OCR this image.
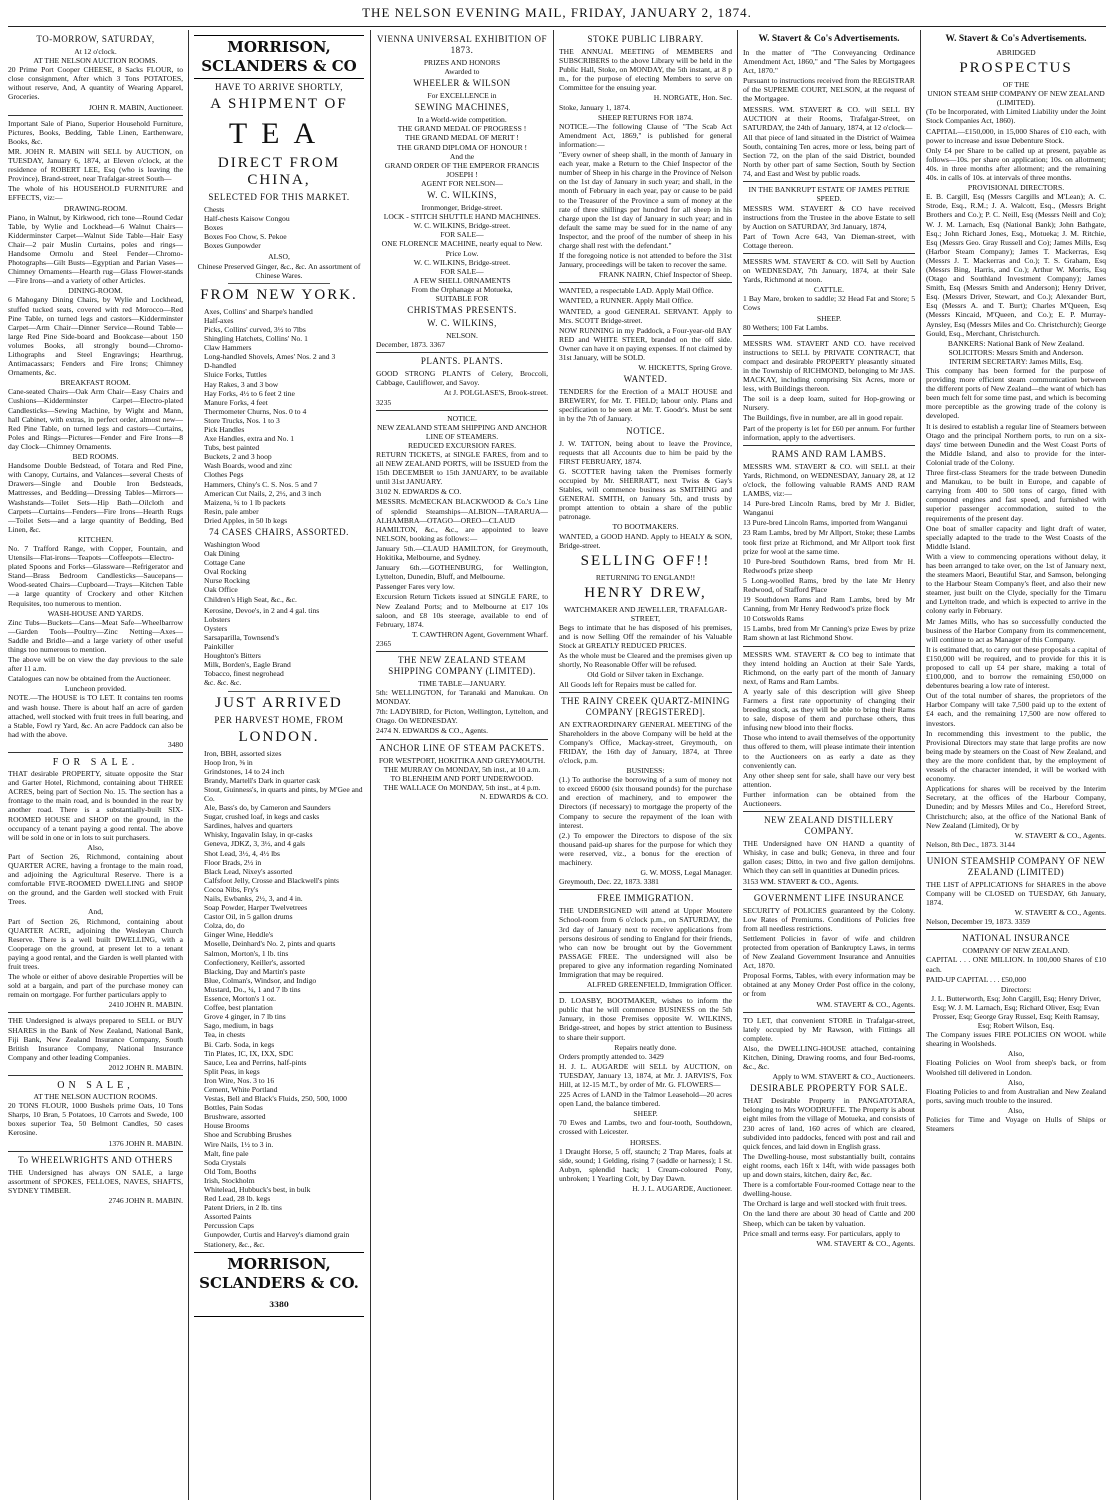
THE NELSON EVENING MAIL, FRIDAY, JANUARY 2, 1874.
TO-MORROW, SATURDAY,
At 12 o'clock.
AT THE NELSON AUCTION ROOMS.
20 Prime Port Cooper CHEESE, 8 Sacks FLOUR, to close consignment, After which 3 Tons POTATOES, without reserve, And, A quantity of Wearing Apparel, Groceries.
JOHN R. MABIN, Auctioneer.
Important Sale of Piano, Superior Household Furniture, Pictures, Books, Bedding, Table Linen, Earthenware, Books, &c.
MR. JOHN R. MABIN will SELL by AUCTION, on TUESDAY, January 6, 1874, at Eleven o'clock, at the residence of ROBERT LEE, Esq (who is leaving the Province), Brand-street, near Trafalgar-street South—
The whole of his HOUSEHOLD FURNITURE and EFFECTS, viz:—
DRAWING-ROOM.
Piano, in Walnut, by Kirkwood, rich tone—Round Cedar Table, by Wylie and Lockhead—6 Walnut Chairs—Kidderminster Carpet—Walnut Side Table—Hair Easy Chair—2 pair Muslin Curtains, poles and rings—Handsome Ormolu and Steel Fender—Chromo-Photographs—Gilt Busts—Egyptian and Parian Vases—Chimney Ornaments—Hearth rug—Glass Flower-stands—Fire Irons—and a variety of other Articles.
DINING-ROOM.
6 Mahogany Dining Chairs, by Wylie and Lockhead, stuffed tucked seats, covered with red Morocco—Red Pine Table, on turned legs and castors—Kidderminster Carpet—Arm Chair—Dinner Service—Round Table—large Red Pine Side-board and Bookcase—about 150 volumes Books, all strongly bound—Chromo-Lithographs and Steel Engravings; Hearthrug, Antimacassars; Fenders and Fire Irons; Chimney Ornaments, &c.
BREAKFAST ROOM.
Cane-seated Chairs—Oak Arm Chair—Easy Chairs and Cushions—Kidderminster Carpet—Electro-plated Candlesticks—Sewing Machine, by Wight and Mann, hall Cabinet, with extras, in perfect order, almost new—Red Pine Table, on turned legs and castors—Curtains, Poles and Rings—Pictures—Fender and Fire Irons—8 day Clock—Chimney Ornaments.
BED ROOMS.
Handsome Double Bedstead, of Totara and Red Pine, with Canopy, Curtains, and Valances—several Chests of Drawers—Single and Double Iron Bedsteads, Mattresses, and Bedding—Dressing Tables—Mirrors—Washstands—Toilet Sets—Hip Bath—Oilcloth and Carpets—Curtains—Fenders—Fire Irons—Hearth Rugs—Toilet Sets—and a large quantity of Bedding, Bed Linen, &c.
KITCHEN.
No. 7 Trafford Range, with Copper, Fountain, and Utensils—Flat-irons—Teapots—Coffeepots—Electro-plated Spoons and Forks—Glassware—Refrigerator and Stand—Brass Bedroom Candlesticks—Saucepans—Wood-seated Chairs—Cupboard—Trays—Kitchen Table—a large quantity of Crockery and other Kitchen Requisites, too numerous to mention.
WASH-HOUSE AND YARDS.
Zinc Tubs—Buckets—Cans—Meat Safe—Wheelbarrow—Garden Tools—Poultry—Zinc Netting—Axes—Saddle and Bridle—and a large variety of other useful things too numerous to mention.
The above will be on view the day previous to the sale after 11 a.m.
Catalogues can now be obtained from the Auctioneer.
Luncheon provided.
NOTE.—The HOUSE is TO LET. It contains ten rooms and wash house. There is about half an acre of garden attached, well stocked with fruit trees in full bearing, and a Stable, Fowl ry Yard, &c. An acre Paddock can also be had with the above.
3480
FOR SALE.
THAT desirable PROPERTY, situate opposite the Star and Garter Hotel, Richmond, containing about THREE ACRES, being part of Section No. 15. The section has a frontage to the main road, and is bounded in the rear by another road. There is a substantially-built SIX-ROOMED HOUSE and SHOP on the ground, in the occupancy of a tenant paying a good rental. The above will be sold in one or in lots to suit purchasers.
Also,
Part of Section 26, Richmond, containing about QUARTER ACRE, having a frontage to the main road, and adjoining the Agricultural Reserve. There is a comfortable FIVE-ROOMED DWELLING and SHOP on the ground, and the Garden well stocked with Fruit Trees.
And,
Part of Section 26, Richmond, containing about QUARTER ACRE, adjoining the Wesleyan Church Reserve. There is a well built DWELLING, with a Cooperage on the ground, at present let to a tenant paying a good rental, and the Garden is well planted with fruit trees.
The whole or either of above desirable Properties will be sold at a bargain, and part of the purchase money can remain on mortgage. For further particulars apply to
2410 JOHN R. MABIN.
THE Undersigned is always prepared to SELL or BUY SHARES in the Bank of New Zealand, National Bank, Fiji Bank, New Zealand Insurance Company, South British Insurance Company, National Insurance Company and other leading Companies.
2012 JOHN R. MABIN.
ON SALE,
AT THE NELSON AUCTION ROOMS.
20 TONS FLOUR, 1000 Bushels prime Oats, 10 Tons Sharps, 10 Bran, 5 Potatoes, 10 Carrots and Swede, 100 boxes superior Tea, 50 Belmont Candles, 50 cases Kerosine.
1376 JOHN R. MABIN.
To WHEELWRIGHTS AND OTHERS
THE Undersigned has always ON SALE, a large assortment of SPOKES, FELLOES, NAVES, SHAFTS, SYDNEY TIMBER.
2746 JOHN R. MABIN.
MORRISON, SCLANDERS & CO
HAVE TO ARRIVE SHORTLY,
A SHIPMENT OF
TEA
DIRECT FROM CHINA,
SELECTED FOR THIS MARKET.
Chests
Half-chests Kaisow Congou
Boxes
Boxes Foo Chow, S. Pekoe
Boxes Gunpowder
ALSO,
Chinese Preserved Ginger, &c., &c. An assortment of Chinese Wares.
FROM NEW YORK.
Axes, Collins' and Sharpe's handled
Half-axes
Picks, Collins' curved, 3½ to 7lbs
Shingling Hatchets, Collins' No. 1
Claw Hammers
Long-handled Shovels, Ames' Nos. 2 and 3
D-handled
Sluice Forks, Tuttles
Hay Rakes, 3 and 3 bow
Hay Forks, 4½ to 6 feet 2 tine
Manure Forks, 4 feet
Thermometer Churns, Nos. 0 to 4
Store Trucks, Nos. 1 to 3
Pick Handles
Axe Handles, extra and No. 1
Tubs, best painted
Buckets, 2 and 3 hoop
Wash Boards, wood and zinc
Clothes Pegs
Hammers, Chiny's C. S. Nos. 5 and 7
American Cut Nails, 2, 2½, and 3 inch
Maizena, ¼ to 1 lb packets
Resin, pale amber
Dried Apples, in 50 lb kegs
74 CASES CHAIRS, ASSORTED.
Washington Wood
Oak Dining
Cottage Cane
Oval Rocking
Nurse Rocking
Oak Office
Children's High Seat, &c., &c.
Kerosine, Devoe's, in 2 and 4 gal. tins
Lobsters
Oysters
Sarsaparilla, Townsend's
Painkiller
Houghton's Bitters
Milk, Borden's, Eagle Brand
Tobacco, finest negrohead
&c. &c. &c.
JUST ARRIVED
PER HARVEST HOME, FROM
LONDON.
Iron, BBH, assorted sizes
Hoop Iron, ⅝ in
Grindstones, 14 to 24 inch
Brandy, Martell's Dark in quarter cask
Stout, Guinness's, in quarts and pints, by M'Gee and Co.
Ale, Bass's do, by Cameron and Saunders
Sugar, crushed loaf, in kegs and casks
Sardines, halves and quarters
Whisky, Ingavalin Islay, in qr-casks
Geneva, JDKZ, 3, 3½, and 4 gals
Shot Lead, 3½, 4, 4½ lbs
Floor Brads, 2½ in
Black Lead, Nixey's assorted
Calfsfoot Jelly, Crosse and Blackwell's pints
Cocoa Nibs, Fry's
Nails, Ewbanks, 2½, 3, and 4 in.
Soap Powder, Harper Twelvetrees
Castor Oil, in 5 gallon drums
Colza, do, do
Ginger Wine, Heddle's
Moselle, Deinhard's No. 2, pints and quarts
Salmon, Morton's, 1 lb. tins
Confectionery, Keiller's, assorted
Blacking, Day and Martin's paste
Blue, Colman's, Windsor, and Indigo
Mustard, Do., ¼, 1 and 7 lb tins
Essence, Morton's 1 oz.
Coffee, best plantation
Grove 4 ginger, in 7 lb tins
Sago, medium, in bags
Tea, in chests
Bi. Carb. Soda, in kegs
Tin Plates, IC, IX, IXX, SDC
Sauce, Lea and Perrins, half-pints
Split Peas, in kegs
Iron Wire, Nos. 3 to 16
Cement, White Portland
Vestas, Bell and Black's Fluids, 250, 500, 1000
Bottles, Pain Sodas
Brushware, assorted
House Brooms
Shoe and Scrubbing Brushes
Wire Nails, 1½ to 3 in.
Malt, fine pale
Soda Crystals
Old Tom, Booths
Irish, Stockholm
Whitelead, Hubbuck's best, in bulk
Red Lead, 28 lb. kegs
Patent Driers, in 2 lb. tins
Assorted Paints
Percussion Caps
Gunpowder, Curtis and Harvey's diamond grain
Stationery, &c., &c.
MORRISON, SCLANDERS & CO. 3380
VIENNA UNIVERSAL EXHIBITION OF 1873.
PRIZES AND HONORS
Awarded to
WHEELER & WILSON
For EXCELLENCE in
SEWING MACHINES,
In a World-wide competition.
THE GRAND MEDAL OF PROGRESS !
THE GRAND MEDAL OF MERIT !
THE GRAND DIPLOMA OF HONOUR !
And the
GRAND ORDER OF THE EMPEROR FRANCIS JOSEPH !
AGENT FOR NELSON—
W. C. WILKINS,
Ironmonger, Bridge-street.
LOCK - STITCH SHUTTLE HAND MACHINES.
W. C. WILKINS, Bridge-street.
FOR SALE—
ONE FLORENCE MACHINE, nearly equal to New. Price Low.
W. C. WILKINS, Bridge-street.
FOR SALE—
A FEW SHELL ORNAMENTS
From the Orphanage at Motueka,
SUITABLE FOR
CHRISTMAS PRESENTS.
W. C. WILKINS,
NELSON.
December, 1873. 3367
PLANTS. PLANTS.
GOOD STRONG PLANTS of Celery, Broccoli, Cabbage, Cauliflower, and Savoy.
At J. POLGLASE'S, Brook-street.
3235
NOTICE.
NEW ZEALAND STEAM SHIPPING AND ANCHOR LINE OF STEAMERS.
REDUCED EXCURSION FARES.
RETURN TICKETS, at SINGLE FARES, from and to all NEW ZEALAND PORTS, will be ISSUED from the 15th DECEMBER to 15th JANUARY, to be available until 31st JANUARY.
3102 N. EDWARDS & CO.
MESSRS. McMECKAN BLACKWOOD & Co.'s Line of splendid Steamships—ALBION—TARARUA—ALHAMBRA—OTAGO—OREO—CLAUD HAMILTON, &c., &c., are appointed to leave NELSON, booking as follows:—
January 5th.—CLAUD HAMILTON, for Greymouth, Hokitika, Melbourne, and Sydney.
January 6th.—GOTHENBURG, for Wellington, Lyttelton, Dunedin, Bluff, and Melbourne.
Passenger Fares very low.
Excursion Return Tickets issued at SINGLE FARE, to New Zealand Ports; and to Melbourne at £17 10s saloon, and £8 10s steerage, available to end of February, 1874.
T. CAWTHRON Agent, Government Wharf.
2365
THE NEW ZEALAND STEAM SHIPPING COMPANY (LIMITED).
TIME TABLE—JANUARY.
5th: WELLINGTON, for Taranaki and Manukau. On MONDAY.
7th: LADYBIRD, for Picton, Wellington, Lyttelton, and Otago. On WEDNESDAY.
2474 N. EDWARDS & CO., Agents.
ANCHOR LINE OF STEAM PACKETS.
FOR WESTPORT, HOKITIKA AND GREYMOUTH.
THE MURRAY On MONDAY, 5th inst., at 10 a.m.
TO BLENHEIM AND PORT UNDERWOOD.
THE WALLACE On MONDAY, 5th inst., at 4 p.m.
N. EDWARDS & CO.
STOKE PUBLIC LIBRARY.
THE ANNUAL MEETING of MEMBERS and SUBSCRIBERS to the above Library will be held in the Public Hall, Stoke, on MONDAY, the 5th instant, at 8 p m., for the purpose of electing Members to serve on Committee for the ensuing year.
H. NORGATE, Hon. Sec.
Stoke, January 1, 1874.
SHEEP RETURNS FOR 1874.
NOTICE.—The following Clause of "The Scab Act Amendment Act, 1869," is published for general information:—
"Every owner of sheep shall, in the month of January in each year, make a Return to the Chief Inspector of the number of Sheep in his charge in the Province of Nelson on the 1st day of January in such year; and shall, in the month of February in each year, pay or cause to be paid to the Treasurer of the Province a sum of money at the rate of three shillings per hundred for all sheep in his charge upon the 1st day of January in such year; and in default the same may be sued for in the name of any Inspector, and the proof of the number of sheep in his charge shall rest with the defendant."
If the foregoing notice is not attended to before the 31st January, proceedings will be taken to recover the same.
FRANK NAIRN, Chief Inspector of Sheep.
WANTED, a respectable LAD. Apply Mail Office.
WANTED, a RUNNER. Apply Mail Office.
WANTED, a good GENERAL SERVANT. Apply to Mrs. SCOTT Bridge-street.
NOW RUNNING in my Paddock, a Four-year-old BAY RED and WHITE STEER, branded on the off side. Owner can have it on paying expenses. If not claimed by 31st January, will be SOLD.
W. HICKETTS, Spring Grove.
WANTED.
TENDERS for the Erection of a MALT HOUSE and BREWERY, for Mr. T. FIELD; labour only. Plans and specification to be seen at Mr. T. Goodr's. Must be sent in by the 7th of January.
NOTICE.
J. W. TATTON, being about to leave the Province, requests that all Accounts due to him be paid by the FIRST FEBRUARY, 1874.
G. SCOTTER having taken the Premises formerly occupied by Mr. SHERRATT, next Twiss & Gay's Stables, will commence business as SMITHING and GENERAL SMITH, on January 5th, and trusts by prompt attention to obtain a share of the public patronage.
TO BOOTMAKERS.
WANTED, a GOOD HAND. Apply to HEALY & SON, Bridge-street.
SELLING OFF!!
RETURNING TO ENGLAND!!
HENRY DREW,
WATCHMAKER AND JEWELLER, TRAFALGAR-STREET,
Begs to intimate that he has disposed of his premises, and is now Selling Off the remainder of his Valuable Stock at GREATLY REDUCED PRICES.
As the whole must be Cleared and the premises given up shortly, No Reasonable Offer will be refused.
Old Gold or Silver taken in Exchange.
All Goods left for Repairs must be called for.
THE RAINY CREEK QUARTZ-MINING COMPANY [REGISTERED].
AN EXTRAORDINARY GENERAL MEETING of the Shareholders in the above Company will be held at the Company's Office, Mackay-street, Greymouth, on FRIDAY, the 16th day of January, 1874, at Three o'clock, p.m.
BUSINESS:
(1.) To authorise the borrowing of a sum of money not to exceed £6000 (six thousand pounds) for the purchase and erection of machinery, and to empower the Directors (if necessary) to mortgage the property of the Company to secure the repayment of the loan with interest.
(2.) To empower the Directors to dispose of the six thousand paid-up shares for the purpose for which they were reserved, viz., a bonus for the erection of machinery.
G. W. MOSS, Legal Manager.
Greymouth, Dec. 22, 1873. 3381
FREE IMMIGRATION.
THE UNDERSIGNED will attend at Upper Moutere School-room from 6 o'clock p.m., on SATURDAY, the 3rd day of January next to receive applications from persons desirous of sending to England for their friends, who can now be brought out by the Government PASSAGE FREE. The undersigned will also be prepared to give any information regarding Nominated Immigration that may be required.
ALFRED GREENFIELD, Immigration Officer.
D. LOASBY, BOOTMAKER, wishes to inform the public that he will commence BUSINESS on the 5th January, in those Premises opposite W. WILKINS, Bridge-street, and hopes by strict attention to Business to share their support.
Repairs neatly done.
Orders promptly attended to. 3429
H. J. L. AUGARDE will SELL by AUCTION, on TUESDAY, January 13, 1874, at Mr. J. JARVIS'S, Fox Hill, at 12-15 M.T., by order of Mr. G. FLOWERS—
225 Acres of LAND in the Talmor Leasehold—20 acres open Land, the balance timbered.
SHEEP.
70 Ewes and Lambs, two and four-tooth, Southdown, crossed with Leicester.
HORSES.
1 Draught Horse, 5 off, staunch; 2 Trap Mares, foals at side, sound; 1 Gelding, rising 7 (saddle or harness); 1 St. Aubyn, splendid hack; 1 Cream-coloured Pony, unbroken; 1 Yearling Colt, by Day Dawn.
H. J. L. AUGARDE, Auctioneer.
W. Stavert & Co's Advertisements.
In the matter of "The Conveyancing Ordinance Amendment Act, 1860," and "The Sales by Mortgagees Act, 1870."
Pursuant to instructions received from the REGISTRAR of the SUPREME COURT, NELSON, at the request of the Mortgagee.
MESSRS. WM. STAVERT & CO. will SELL BY AUCTION at their Rooms, Trafalgar-Street, on SATURDAY, the 24th of January, 1874, at 12 o'clock—
All that piece of land situated in the District of Waimea South, containing Ten acres, more or less, being part of Section 72, on the plan of the said District, bounded North by other part of same Section, South by Section 74, and East and West by public roads.
IN THE BANKRUPT ESTATE OF JAMES PETRIE SPEED.
MESSRS WM. STAVERT & CO have received instructions from the Trustee in the above Estate to sell by Auction on SATURDAY, 3rd January, 1874,
Part of Town Acre 643, Van Dieman-street, with Cottage thereon.
MESSRS WM. STAVERT & CO. will Sell by Auction on WEDNESDAY, 7th January, 1874, at their Sale Yards, Richmond at noon.
CATTLE.
1 Bay Mare, broken to saddle; 32 Head Fat and Store; 5 Cows
SHEEP.
80 Wethers; 100 Fat Lambs.
MESSRS WM. STAVERT AND CO. have received instructions to SELL by PRIVATE CONTRACT, that compact and desirable PROPERTY pleasantly situated in the Township of RICHMOND, belonging to Mr JAS. MACKAY, including comprising Six Acres, more or less, with Buildings thereon.
The soil is a deep loam, suited for Hop-growing or Nursery.
The Buildings, five in number, are all in good repair.
Part of the property is let for £60 per annum. For further information, apply to the advertisers.
RAMS AND RAM LAMBS.
MESSRS WM. STAVERT & CO. will SELL at their Yards, Richmond, on WEDNESDAY, January 28, at 12 o'clock, the following valuable RAMS AND RAM LAMBS, viz:—
14 Pure-bred Lincoln Rams, bred by Mr J. Bidler, Wanganui
13 Pure-bred Lincoln Rams, imported from Wanganui
23 Ram Lambs, bred by Mr Allport, Stoke; these Lambs took first prize at Richmond, and Mr Allport took first prize for wool at the same time.
10 Pure-bred Southdown Rams, bred from Mr H. Redwood's prize sheep
5 Long-woolled Rams, bred by the late Mr Henry Redwood, of Stafford Place
19 Southdown Rams and Ram Lambs, bred by Mr Canning, from Mr Henry Redwood's prize flock
10 Cotswolds Rams
15 Lambs, bred from Mr Canning's prize Ewes by prize Ram shown at last Richmond Show.
MESSRS WM. STAVERT & CO beg to intimate that they intend holding an Auction at their Sale Yards, Richmond, on the early part of the month of January next, of Rams and Ram Lambs.
A yearly sale of this description will give Sheep Farmers a first rate opportunity of changing their breeding stock, as they will be able to bring their Rams to sale, dispose of them and purchase others, thus infusing new blood into their flocks.
Those who intend to avail themselves of the opportunity thus offered to them, will please intimate their intention to the Auctioneers on as early a date as they conveniently can.
Any other sheep sent for sale, shall have our very best attention.
Further information can be obtained from the Auctioneers.
NEW ZEALAND DISTILLERY COMPANY.
THE Undersigned have ON HAND a quantity of Whisky, in case and bulk; Geneva, in three and four gallon cases; Ditto, in two and five gallon demijohns. Which they can sell in quantities at Dunedin prices.
3153 WM. STAVERT & CO., Agents.
GOVERNMENT LIFE INSURANCE
SECURITY of POLICIES guaranteed by the Colony. Low Rates of Premiums. Conditions of Policies free from all needless restrictions.
Settlement Policies in favor of wife and children protected from operation of Bankruptcy Laws, in terms of New Zealand Government Insurance and Annuities Act, 1870.
Proposal Forms, Tables, with every information may be obtained at any Money Order Post office in the colony, or from
WM. STAVERT & CO., Agents.
TO LET, that convenient STORE in Trafalgar-street, lately occupied by Mr Rawson, with Fittings all complete.
Also, the DWELLING-HOUSE attached, containing Kitchen, Dining, Drawing rooms, and four Bed-rooms, &c., &c.
Apply to WM. STAVERT & CO., Auctioneers.
DESIRABLE PROPERTY FOR SALE.
THAT Desirable Property in PANGATOTARA, belonging to Mrs WOODRUFFE. The Property is about eight miles from the village of Motueka, and consists of 230 acres of land, 160 acres of which are cleared, subdivided into paddocks, fenced with post and rail and quick fences, and laid down in English grass.
The Dwelling-house, most substantially built, contains eight rooms, each 16ft x 14ft, with wide passages both up and down stairs, kitchen, dairy &c, &c.
There is a comfortable Four-roomed Cottage near to the dwelling-house.
The Orchard is large and well stocked with fruit trees.
On the land there are about 30 head of Cattle and 200 Sheep, which can be taken by valuation.
Price small and terms easy. For particulars, apply to
WM. STAVERT & CO., Agents.
W. Stavert & Co's Advertisements.
ABRIDGED
PROSPECTUS
OF THE
UNION STEAM SHIP COMPANY OF NEW ZEALAND (LIMITED).
(To be Incorporated, with Limited Liability under the Joint Stock Companies Act, 1860).
CAPITAL—£150,000, in 15,000 Shares of £10 each, with power to increase and issue Debenture Stock.
Only £4 per Share to be called up at present, payable as follows—10s. per share on application; 10s. on allotment; 40s. in three months after allotment; and the remaining 40s. in calls of 10s. at intervals of three months.
PROVISIONAL DIRECTORS.
E. B. Cargill, Esq (Messrs Cargills and M'Lean); A. C. Strode, Esq., R.M.; J. A. Walcott, Esq., (Messrs Bright Brothers and Co.); P. C. Neill, Esq (Messrs Neill and Co); W. J. M. Larnach, Esq (National Bank); John Bathgate, Esq.; John Richard Jones, Esq., Motueka; J. M. Ritchie, Esq (Messrs Geo. Gray Russell and Co); James Mills, Esq (Harbor Steam Company); James T. Mackerras, Esq (Messrs J. T. Mackerras and Co.); T. S. Graham, Esq (Messrs Bing, Harris, and Co.); Arthur W. Morris, Esq (Otago and Southland Investment Company); James Smith, Esq (Messrs Smith and Anderson); Henry Driver, Esq. (Messrs Driver, Stewart, and Co.); Alexander Burt, Esq (Messrs A. and T. Burt); Charles M'Queen, Esq (Messrs Kincaid, M'Queen, and Co.); E. P. Murray-Aynsley, Esq (Messrs Miles and Co. Christchurch); George Gould, Esq., Merchant, Christchurch.
BANKERS: National Bank of New Zealand.
SOLICITORS: Messrs Smith and Anderson.
INTERIM SECRETARY: James Mills, Esq.
This company has been formed for the purpose of providing more efficient steam communication between the different ports of New Zealand—the want of which has been much felt for some time past, and which is becoming more perceptible as the growing trade of the colony is developed.
It is desired to establish a regular line of Steamers between Otago and the principal Northern ports, to run on a six-days' time between Dunedin and the West Coast Ports of the Middle Island, and also to provide for the inter-Colonial trade of the Colony.
Three first-class Steamers for the trade between Dunedin and Manukau, to be built in Europe, and capable of carrying from 400 to 500 tons of cargo, fitted with compound engines and fast speed, and furnished with superior passenger accommodation, suited to the requirements of the present day.
One boat of smaller capacity and light draft of water, specially adapted to the trade to the West Coasts of the Middle Island.
With a view to commencing operations without delay, it has been arranged to take over, on the 1st of January next, the steamers Maori, Beautiful Star, and Samson, belonging to the Harbour Steam Company's fleet, and also their new steamer, just built on the Clyde, specially for the Timaru and Lyttelton trade, and which is expected to arrive in the colony early in February.
Mr James Mills, who has so successfully conducted the business of the Harbor Company from its commencement, will continue to act as Manager of this Company.
It is estimated that, to carry out these proposals a capital of £150,000 will be required, and to provide for this it is proposed to call up £4 per share, making a total of £100,000, and to borrow the remaining £50,000 on debentures bearing a low rate of interest.
Out of the total number of shares, the proprietors of the Harbor Company will take 7,500 paid up to the extent of £4 each, and the remaining 17,500 are now offered to investors.
In recommending this investment to the public, the Provisional Directors may state that large profits are now being made by steamers on the Coast of New Zealand, and they are the more confident that, by the employment of vessels of the character intended, it will be worked with economy.
Applications for shares will be received by the Interim Secretary, at the offices of the Harbour Company, Dunedin; and by Messrs Miles and Co., Hereford Street, Christchurch; also, at the office of the National Bank of New Zealand (Limited), Or by
W. STAVERT & CO., Agents.
Nelson, 8th Dec., 1873. 3144
UNION STEAMSHIP COMPANY OF NEW ZEALAND (LIMITED)
THE LIST of APPLICATIONS for SHARES in the above Company will be CLOSED on TUESDAY, 6th January, 1874.
W. STAVERT & CO., Agents.
Nelson, December 19, 1873. 3359
NATIONAL INSURANCE
COMPANY OF NEW ZEALAND.
CAPITAL . . . ONE MILLION. In 100,000 Shares of £10 each.
PAID-UP CAPITAL . . . £50,000
Directors:
J. L. Butterworth, Esq; John Cargill, Esq; Henry Driver, Esq; W. J. M. Larnach, Esq; Richard Oliver, Esq; Evan Prosser, Esq; George Gray Russel, Esq; Keith Ramsay, Esq; Robert Wilson, Esq.
The Company issues FIRE POLICIES ON WOOL while shearing in Woolsheds.
Also,
Floating Policies on Wool from sheep's back, or from Woolshed till delivered in London.
Also,
Floating Policies to and from Australian and New Zealand ports, saving much trouble to the insured.
Also,
Policies for Time and Voyage on Hulls of Ships or Steamers
